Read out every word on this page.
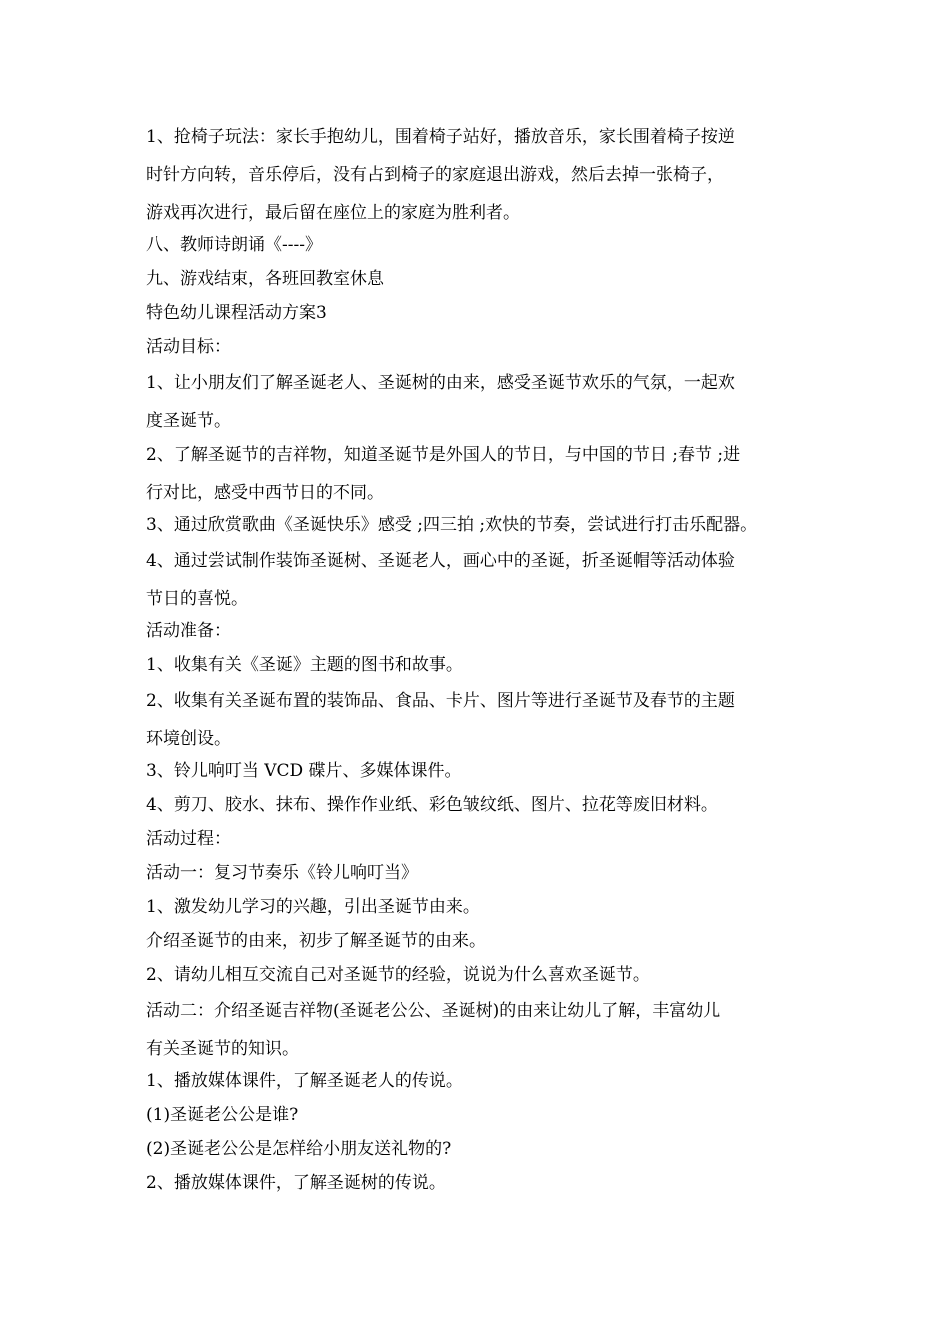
1、抢椅子玩法：家长手抱幼儿，围着椅子站好，播放音乐，家长围着椅子按逆
时针方向转，音乐停后，没有占到椅子的家庭退出游戏，然后去掉一张椅子，
游戏再次进行，最后留在座位上的家庭为胜利者。
八、教师诗朗诵《----》
九、游戏结束，各班回教室休息
特色幼儿课程活动方案3
活动目标：
1、让小朋友们了解圣诞老人、圣诞树的由来，感受圣诞节欢乐的气氛，一起欢
度圣诞节。
2、了解圣诞节的吉祥物，知道圣诞节是外国人的节日，与中国的节日 ;春节 ;进
行对比，感受中西节日的不同。
3、通过欣赏歌曲《圣诞快乐》感受 ;四三拍 ;欢快的节奏，尝试进行打击乐配器。
4、通过尝试制作装饰圣诞树、圣诞老人，画心中的圣诞，折圣诞帽等活动体验
节日的喜悦。
活动准备：
1、收集有关《圣诞》主题的图书和故事。
2、收集有关圣诞布置的装饰品、食品、卡片、图片等进行圣诞节及春节的主题
环境创设。
3、铃儿响叮当 VCD 碟片、多媒体课件。
4、剪刀、胶水、抹布、操作作业纸、彩色皱纹纸、图片、拉花等废旧材料。
活动过程：
活动一：复习节奏乐《铃儿响叮当》
1、激发幼儿学习的兴趣，引出圣诞节由来。
介绍圣诞节的由来，初步了解圣诞节的由来。
2、请幼儿相互交流自己对圣诞节的经验，说说为什么喜欢圣诞节。
活动二：介绍圣诞吉祥物(圣诞老公公、圣诞树)的由来让幼儿了解，丰富幼儿
有关圣诞节的知识。
1、播放媒体课件，了解圣诞老人的传说。
(1)圣诞老公公是谁?
(2)圣诞老公公是怎样给小朋友送礼物的?
2、播放媒体课件，了解圣诞树的传说。
